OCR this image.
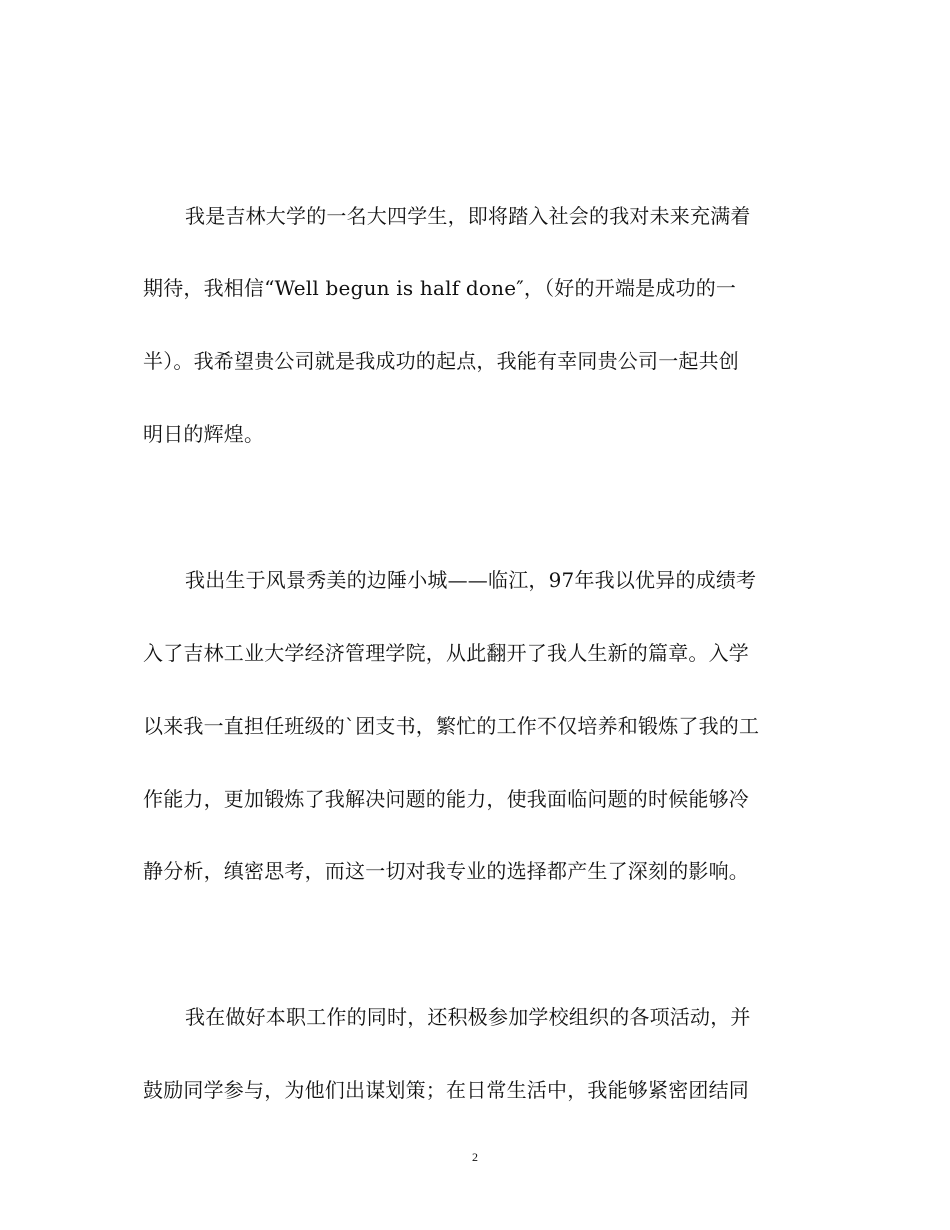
我是吉林大学的一名大四学生，即将踏入社会的我对未来充满着
期待，我相信“Well begun is half done″，（好的开端是成功的一
半）。我希望贵公司就是我成功的起点，我能有幸同贵公司一起共创
明日的辉煌。
我出生于风景秀美的边陲小城——临江，97年我以优异的成绩考
入了吉林工业大学经济管理学院，从此翻开了我人生新的篇章。入学
以来我一直担任班级的`团支书，繁忙的工作不仅培养和锻炼了我的工
作能力，更加锻炼了我解决问题的能力，使我面临问题的时候能够冷
静分析，缜密思考，而这一切对我专业的选择都产生了深刻的影响。
我在做好本职工作的同时，还积极参加学校组织的各项活动，并
鼓励同学参与，为他们出谋划策；在日常生活中，我能够紧密团结同
2
